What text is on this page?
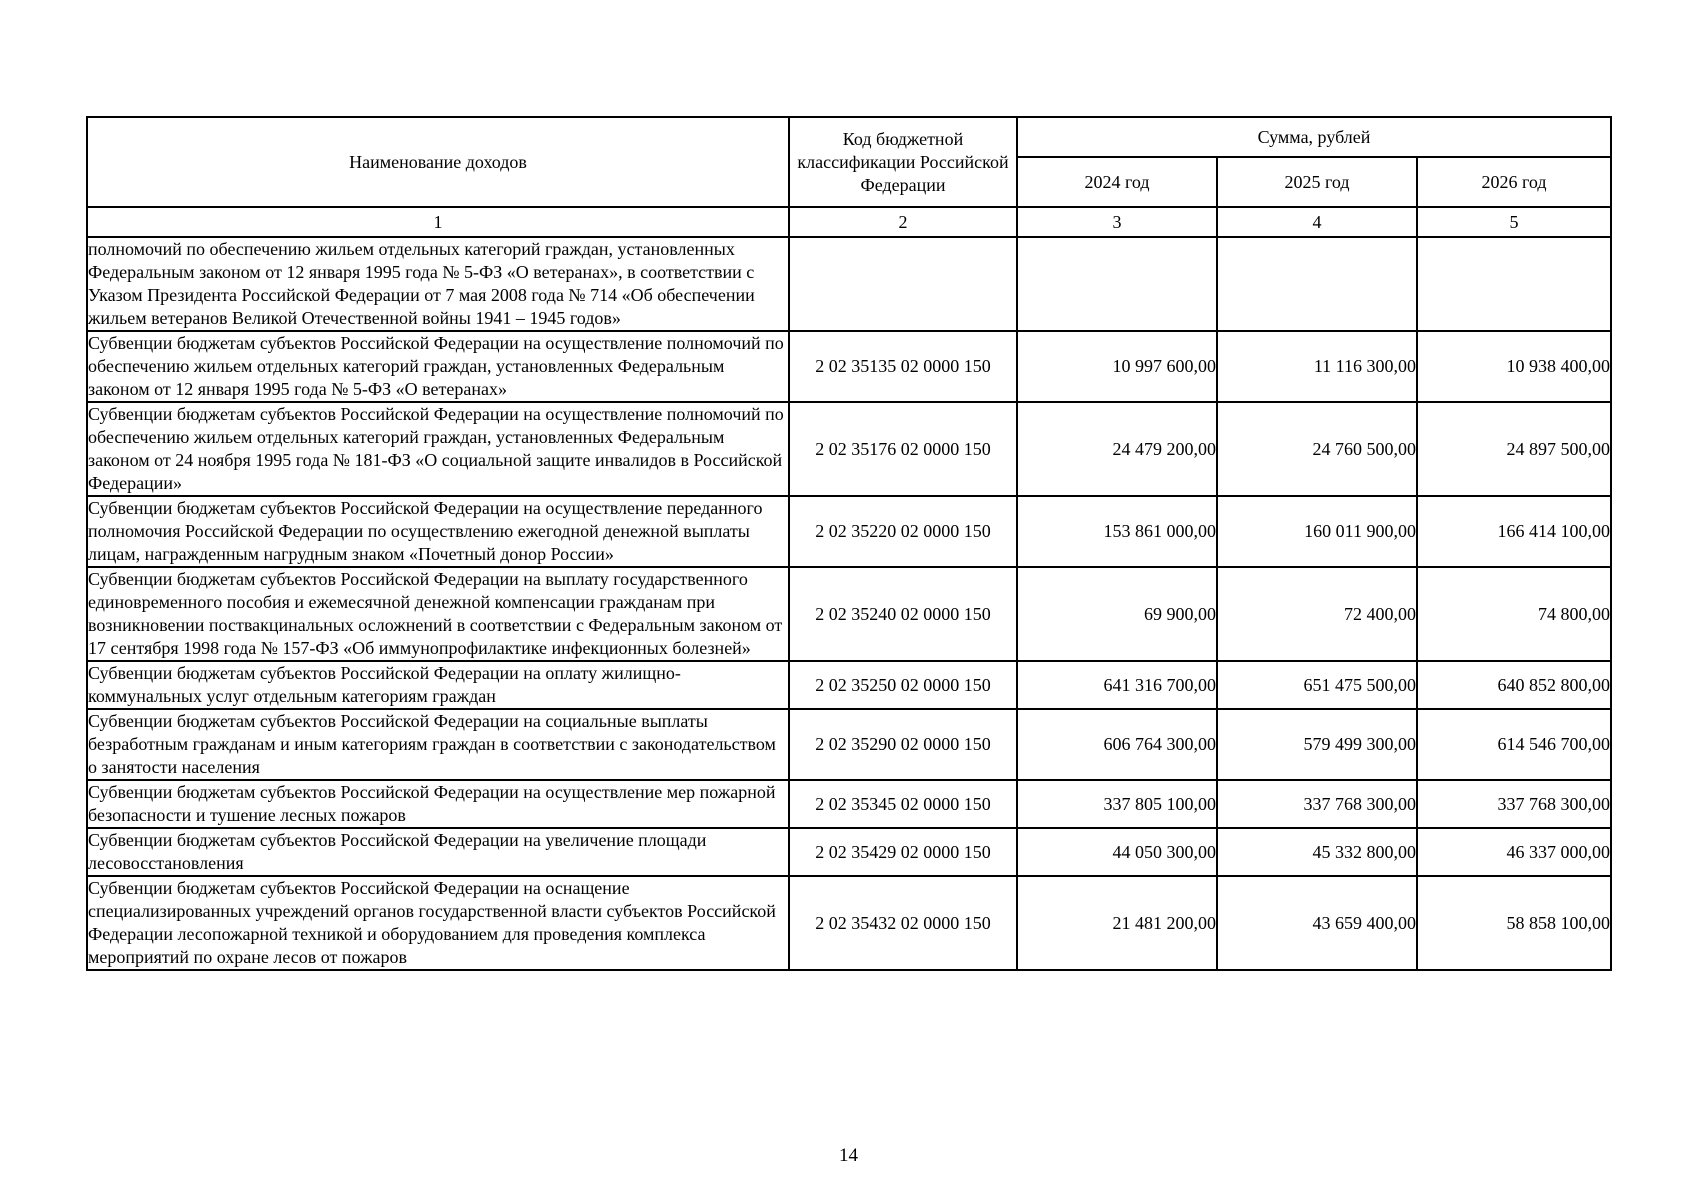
Наименование доходов	Код бюджетной классификации Российской Федерации	Сумма, рублей		
		2024 год	2025 год	2026 год
1	2	3	4	5
полномочий по обеспечению жильем отдельных категорий граждан, установленных Федеральным законом от 12 января 1995 года № 5-ФЗ «О ветеранах», в соответствии с Указом Президента Российской Федерации от 7 мая 2008 года № 714 «Об обеспечении жильем ветеранов Великой Отечественной войны 1941 – 1945 годов»				
Субвенции бюджетам субъектов Российской Федерации на осуществление полномочий по обеспечению жильем отдельных категорий граждан, установленных Федеральным законом от 12 января 1995 года № 5-ФЗ «О ветеранах»	2 02 35135 02 0000 150	10 997 600,00	11 116 300,00	10 938 400,00
Субвенции бюджетам субъектов Российской Федерации на осуществление полномочий по обеспечению жильем отдельных категорий граждан, установленных Федеральным законом от 24 ноября 1995 года № 181-ФЗ «О социальной защите инвалидов в Российской Федерации»	2 02 35176 02 0000 150	24 479 200,00	24 760 500,00	24 897 500,00
Субвенции бюджетам субъектов Российской Федерации на осуществление переданного полномочия Российской Федерации по осуществлению ежегодной денежной выплаты лицам, награжденным нагрудным знаком «Почетный донор России»	2 02 35220 02 0000 150	153 861 000,00	160 011 900,00	166 414 100,00
Субвенции бюджетам субъектов Российской Федерации на выплату государственного единовременного пособия и ежемесячной денежной компенсации гражданам при возникновении поствакцинальных осложнений в соответствии с Федеральным законом от 17 сентября 1998 года № 157-ФЗ «Об иммунопрофилактике инфекционных болезней»	2 02 35240 02 0000 150	69 900,00	72 400,00	74 800,00
Субвенции бюджетам субъектов Российской Федерации на оплату жилищно-коммунальных услуг отдельным категориям граждан	2 02 35250 02 0000 150	641 316 700,00	651 475 500,00	640 852 800,00
Субвенции бюджетам субъектов Российской Федерации на социальные выплаты безработным гражданам и иным категориям граждан в соответствии с законодательством о занятости населения	2 02 35290 02 0000 150	606 764 300,00	579 499 300,00	614 546 700,00
Субвенции бюджетам субъектов Российской Федерации на осуществление мер пожарной безопасности и тушение лесных пожаров	2 02 35345 02 0000 150	337 805 100,00	337 768 300,00	337 768 300,00
Субвенции бюджетам субъектов Российской Федерации на увеличение площади лесовосстановления	2 02 35429 02 0000 150	44 050 300,00	45 332 800,00	46 337 000,00
Субвенции бюджетам субъектов Российской Федерации на оснащение специализированных учреждений органов государственной власти субъектов Российской Федерации лесопожарной техникой и оборудованием для проведения комплекса мероприятий по охране лесов от пожаров	2 02 35432 02 0000 150	21 481 200,00	43 659 400,00	58 858 100,00
14
